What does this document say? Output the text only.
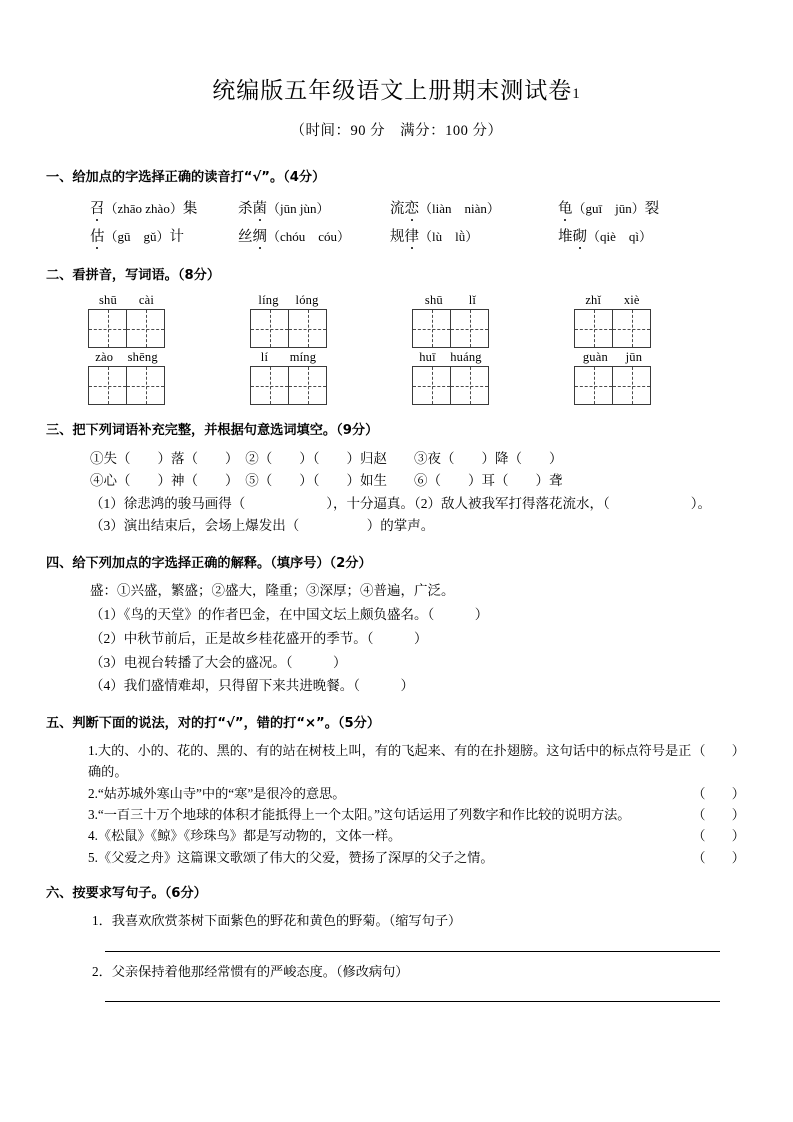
统编版五年级语文上册期末测试卷1
（时间：90 分　满分：100 分）
一、给加点的字选择正确的读音打“√”。（4分）
召（zhāo zhào）集	杀菌（jūn jùn）	流恋（liàn　niàn）	龟（guī　jūn）裂
估（gū　gǔ）计	丝绸（chóu　cóu）	规律（lù　lǜ）	堆砌（qiè　qì）
二、看拼音，写词语。（8分）
shū cài	líng lóng	shū lǐ	zhǐ xiè
zào shēng	lí míng	huī huáng	guàn jūn
三、把下列词语补充完整，并根据句意选词填空。（9分）
①失（　　）落（　　）　②（　　）（　　）归赵　　③夜（　　）降（　　）
④心（　　）神（　　）　⑤（　　）（　　）如生　　⑥（　　）耳（　　）聋
（1）徐悲鸿的骏马画得（　　　　　　），十分逼真。（2）敌人被我军打得落花流水，（　　　　　　）。
（3）演出结束后，会场上爆发出（　　　　　）的掌声。
四、给下列加点的字选择正确的解释。（填序号）（2分）
盛：①兴盛，繁盛；②盛大，隆重；③深厚；④普遍，广泛。
（1）《鸟的天堂》的作者巴金，在中国文坛上颇负盛名。（　　　）
（2）中秋节前后，正是故乡桂花盛开的季节。（　　　）
（3）电视台转播了大会的盛况。（　　　）
（4）我们盛情难却，只得留下来共进晚餐。（　　　）
五、判断下面的说法，对的打“√”，错的打“×”。（5分）
（　　）
1.大的、小的、花的、黑的、有的站在树枝上叫，有的飞起来、有的在扑翅膀。这句话中的标点符号是正确的。
（　　）
2.“姑苏城外寒山寺”中的“寒”是很冷的意思。
（　　）
3.“一百三十万个地球的体积才能抵得上一个太阳。”这句话运用了列数字和作比较的说明方法。
（　　）
4.《松鼠》《鲸》《珍珠鸟》都是写动物的，文体一样。
（　　）
5.《父爱之舟》这篇课文歌颂了伟大的父爱，赞扬了深厚的父子之情。
六、按要求写句子。（6分）
1．我喜欢欣赏茶树下面紫色的野花和黄色的野菊。（缩写句子）
2．父亲保持着他那经常惯有的严峻态度。（修改病句）
